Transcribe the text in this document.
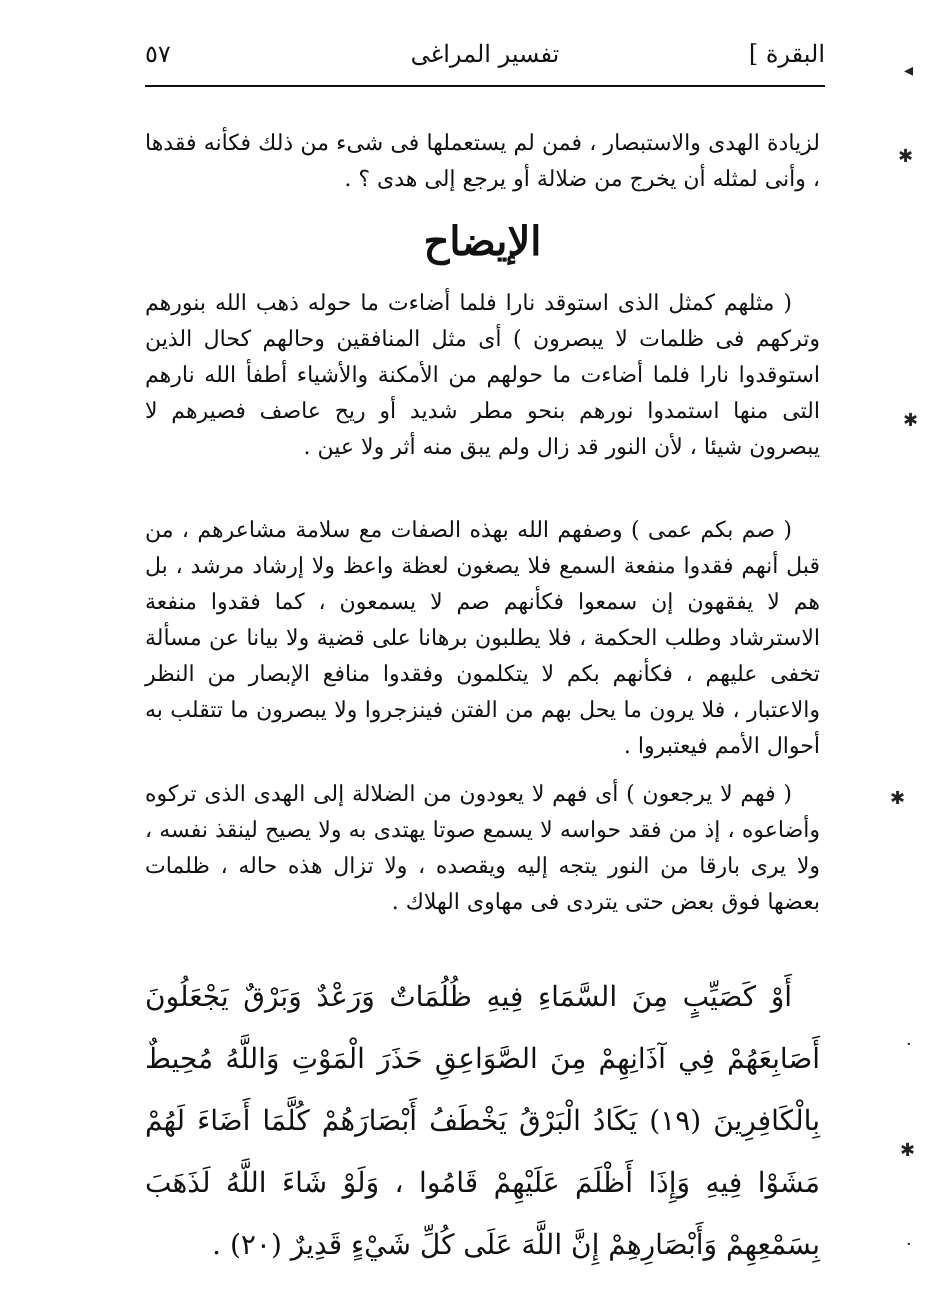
البقرة ]
تفسير المراغى
٥٧

لزيادة الهدى والاستبصار ، فمن لم يستعملها فى شىء من ذلك فكأنه فقدها ، وأنى لمثله أن يخرج من ضلالة أو يرجع إلى هدى ؟ .

الإيضاح

( مثلهم كمثل الذى استوقد نارا فلما أضاءت ما حوله ذهب الله بنورهم وتركهم فى ظلمات لا يبصرون ) أى مثل المنافقين وحالهم كحال الذين استوقدوا نارا فلما أضاءت ما حولهم من الأمكنة والأشياء أطفأ الله نارهم التى منها استمدوا نورهم بنحو مطر شديد أو ريح عاصف فصيرهم لا يبصرون شيئا ، لأن النور قد زال ولم يبق منه أثر ولا عين .

( صم بكم عمى ) وصفهم الله بهذه الصفات مع سلامة مشاعرهم ، من قبل أنهم فقدوا منفعة السمع فلا يصغون لعظة واعظ ولا إرشاد مرشد ، بل هم لا يفقهون إن سمعوا فكأنهم صم لا يسمعون ، كما فقدوا منفعة الاسترشاد وطلب الحكمة ، فلا يطلبون برهانا على قضية ولا بيانا عن مسألة تخفى عليهم ، فكأنهم بكم لا يتكلمون وفقدوا منافع الإبصار من النظر والاعتبار ، فلا يرون ما يحل بهم من الفتن فينزجروا ولا يبصرون ما تتقلب به أحوال الأمم فيعتبروا .

( فهم لا يرجعون ) أى فهم لا يعودون من الضلالة إلى الهدى الذى تركوه وأضاعوه ، إذ من فقد حواسه لا يسمع صوتا يهتدى به ولا يصيح لينقذ نفسه ، ولا يرى بارقا من النور يتجه إليه ويقصده ، ولا تزال هذه حاله ، ظلمات بعضها فوق بعض حتى يتردى فى مهاوى الهلاك .

أَوْ كَصَيِّبٍ مِنَ السَّمَاءِ فِيهِ ظُلُمَاتٌ وَرَعْدٌ وَبَرْقٌ يَجْعَلُونَ أَصَابِعَهُمْ فِي آذَانِهِمْ مِنَ الصَّوَاعِقِ حَذَرَ الْمَوْتِ وَاللَّهُ مُحِيطٌ بِالْكَافِرِينَ (١٩) يَكَادُ الْبَرْقُ يَخْطَفُ أَبْصَارَهُمْ كُلَّمَا أَضَاءَ لَهُمْ مَشَوْا فِيهِ وَإِذَا أَظْلَمَ عَلَيْهِمْ قَامُوا ، وَلَوْ شَاءَ اللَّهُ لَذَهَبَ بِسَمْعِهِمْ وَأَبْصَارِهِمْ إِنَّ اللَّهَ عَلَى كُلِّ شَيْءٍ قَدِيرٌ (٢٠) .

◂
✱
✱
✱
✱
·
·
